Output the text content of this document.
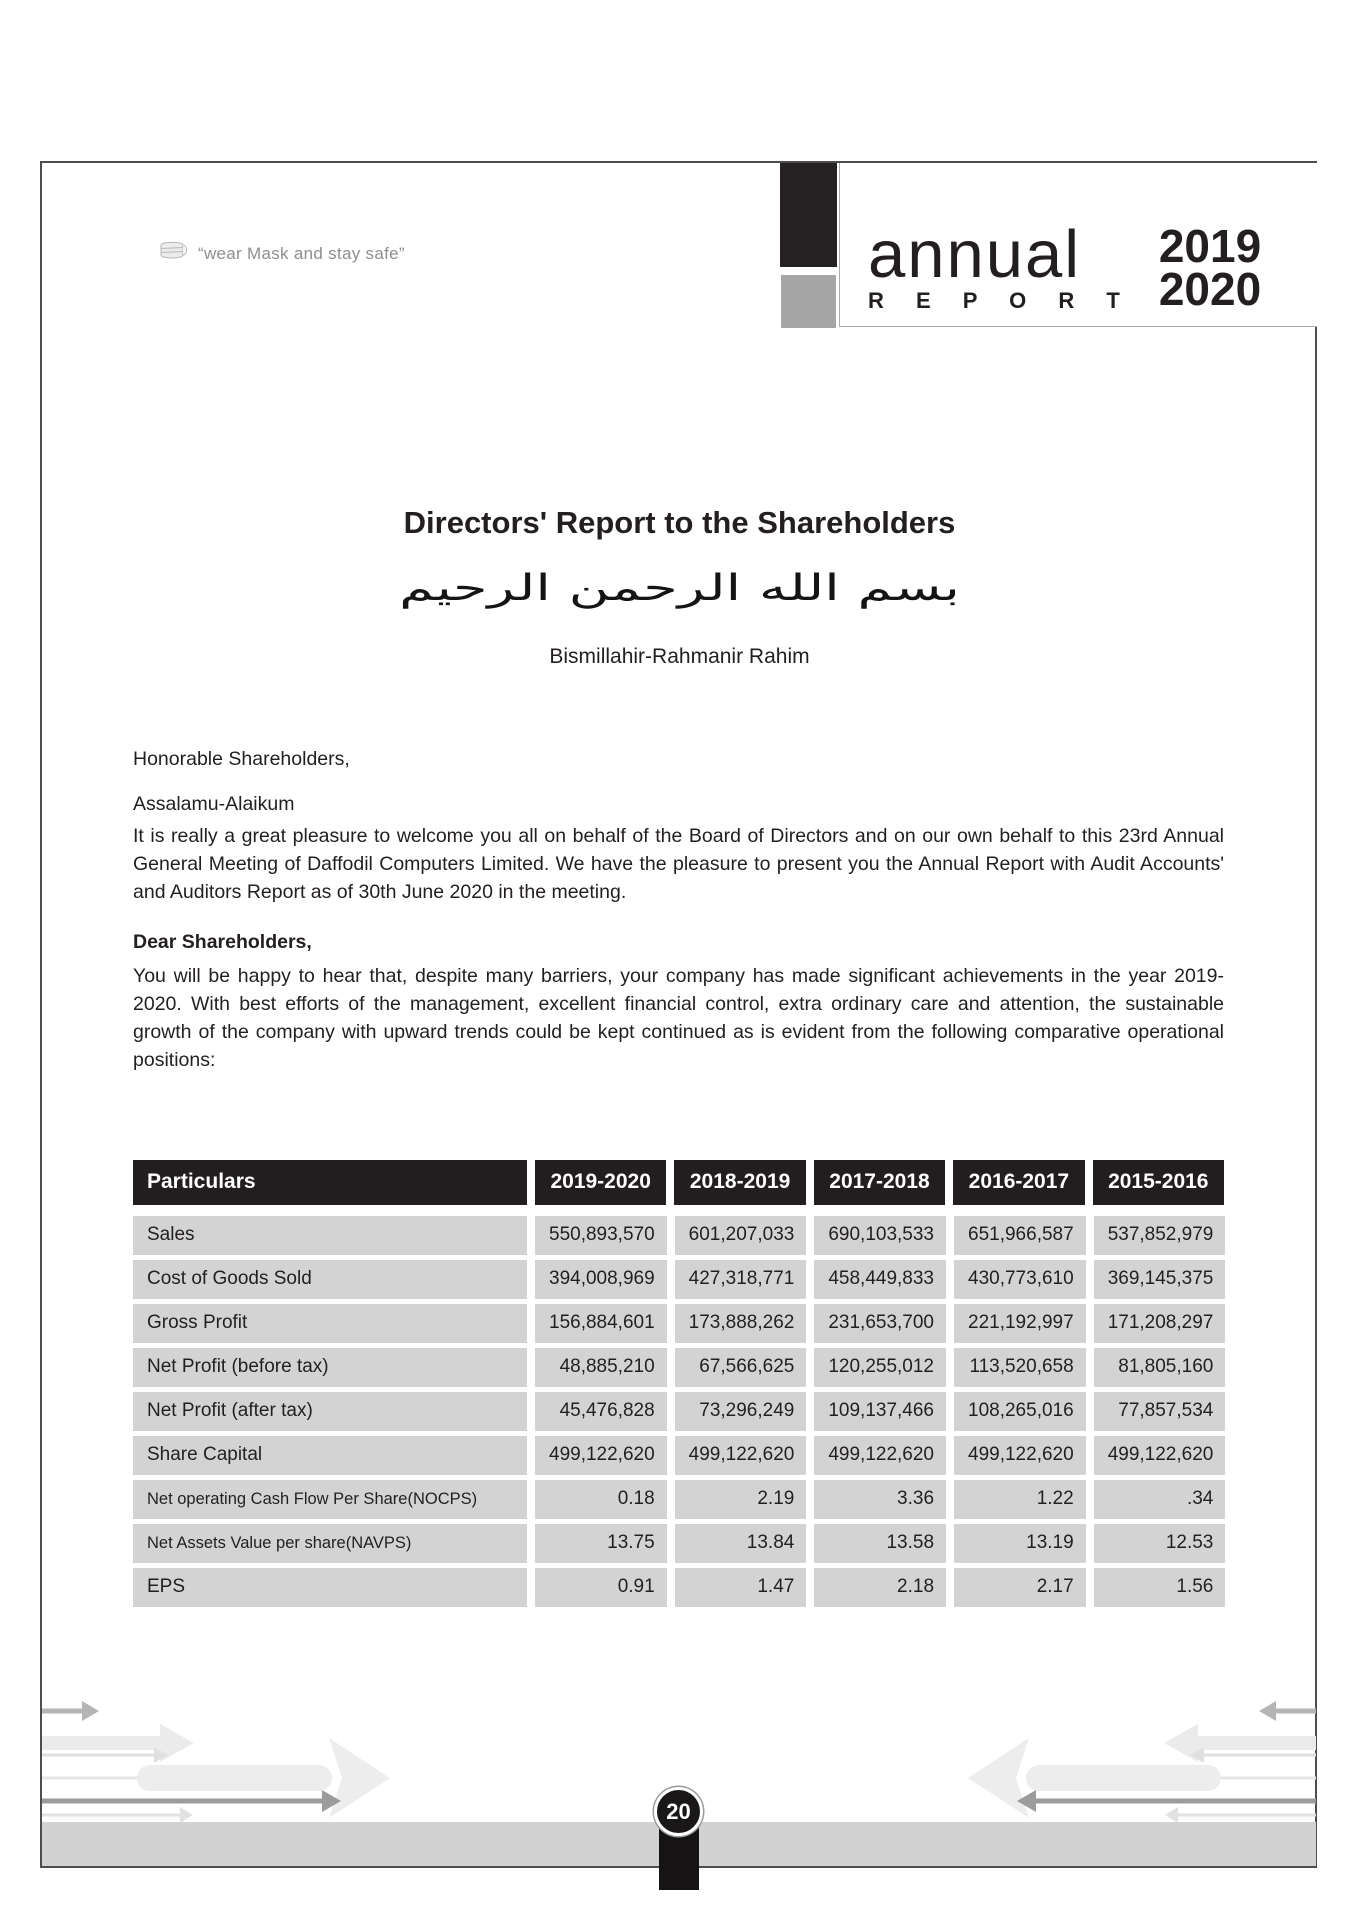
“wear Mask and stay safe”	annual
R E P O R T
2019
2020
Directors' Report to the Shareholders
بسم الله الرحمن الرحيم
Bismillahir-Rahmanir Rahim
Honorable Shareholders,
Assalamu-Alaikum
It is really a great pleasure to welcome you all on behalf of the Board of Directors and on our own behalf to this 23rd Annual General Meeting of Daffodil Computers Limited. We have the pleasure to present you the Annual Report with Audit Accounts' and Auditors Report as of 30th June 2020 in the meeting.
Dear Shareholders,
You will be happy to hear that, despite many barriers, your company has made significant achievements in the year 2019-2020. With best efforts of the management, excellent financial control, extra ordinary care and attention, the sustainable growth of the company with upward trends could be kept continued as is evident from the following comparative operational positions:
Particulars	2019-2020	2018-2019	2017-2018	2016-2017	2015-2016
Sales	550,893,570	601,207,033	690,103,533	651,966,587	537,852,979
Cost of Goods Sold	394,008,969	427,318,771	458,449,833	430,773,610	369,145,375
Gross Profit	156,884,601	173,888,262	231,653,700	221,192,997	171,208,297
Net Profit (before tax)	48,885,210	67,566,625	120,255,012	113,520,658	81,805,160
Net Profit (after tax)	45,476,828	73,296,249	109,137,466	108,265,016	77,857,534
Share Capital	499,122,620	499,122,620	499,122,620	499,122,620	499,122,620
Net operating Cash Flow Per Share(NOCPS)	0.18	2.19	3.36	1.22	.34
Net Assets Value per share(NAVPS)	13.75	13.84	13.58	13.19	12.53
EPS	0.91	1.47	2.18	2.17	1.56
20
